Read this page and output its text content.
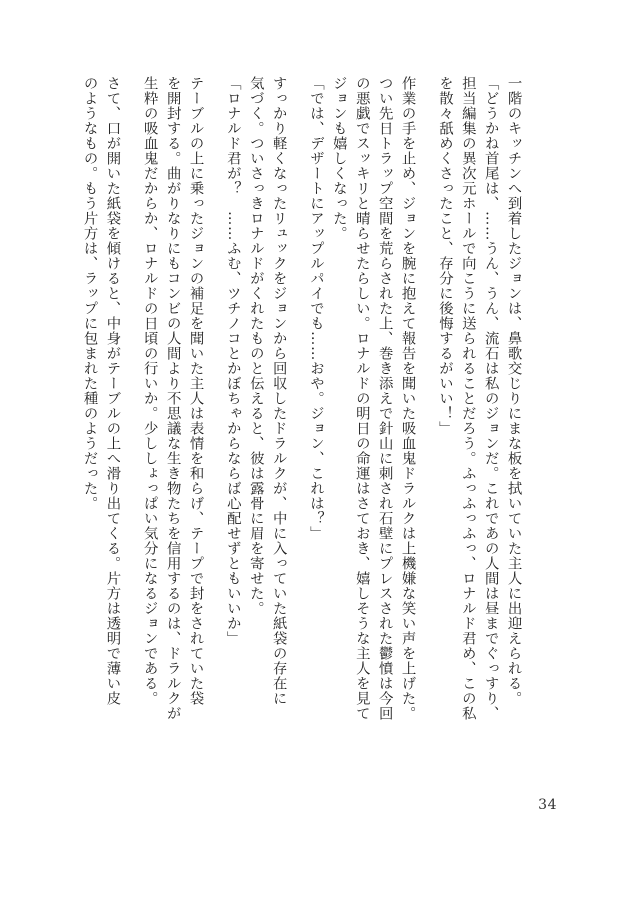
一階のキッチンへ到着したジョンは、鼻歌交じりにまな板を拭いていた主人に出迎えられる。
「どうかね首尾は、……うん、うん、流石は私のジョンだ。これであの人間は昼までぐっすり、
担当編集の異次元ホールで向こうに送られることだろう。ふっふっふっ、ロナルド君め、この私
を散々舐めくさったこと、存分に後悔するがいい！」
作業の手を止め、ジョンを腕に抱えて報告を聞いた吸血鬼ドラルクは上機嫌な笑い声を上げた。
つい先日トラップ空間を荒らされた上、巻き添えで針山に刺され石壁にプレスされた鬱憤は今回
の悪戯でスッキリと晴らせたらしい。ロナルドの明日の命運はさておき、嬉しそうな主人を見て
ジョンも嬉しくなった。
「では、デザートにアップルパイでも……おや。ジョン、これは？」
すっかり軽くなったリュックをジョンから回収したドラルクが、中に入っていた紙袋の存在に
気づく。ついさっきロナルドがくれたものと伝えると、彼は露骨に眉を寄せた。
「ロナルド君が？　……ふむ、ツチノコとかぼちゃからならば心配せずともいいか」
テーブルの上に乗ったジョンの補足を聞いた主人は表情を和らげ、テープで封をされていた袋
を開封する。曲がりなりにもコンビの人間より不思議な生き物たちを信用するのは、ドラルクが
生粋の吸血鬼だからか、ロナルドの日頃の行いか。少ししょっぱい気分になるジョンである。
さて、口が開いた紙袋を傾けると、中身がテーブルの上へ滑り出てくる。片方は透明で薄い皮
のようなもの。もう片方は、ラップに包まれた種のようだった。
34
